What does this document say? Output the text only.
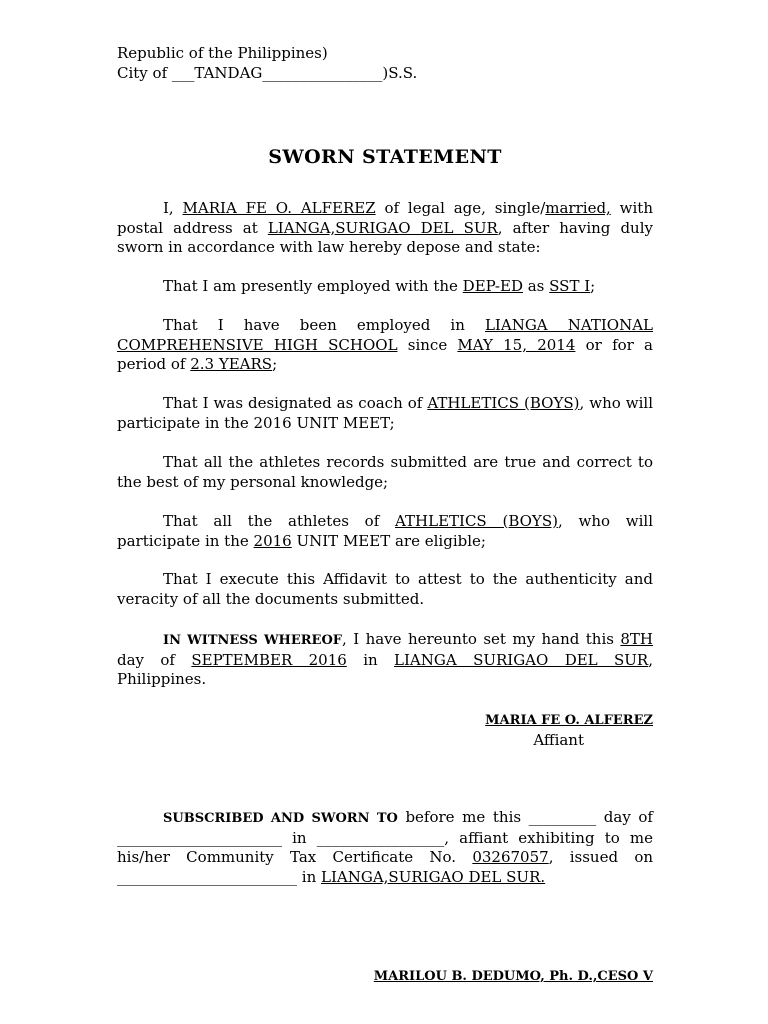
Republic of the Philippines)
City of ___TANDAG________________)S.S.
SWORN STATEMENT

I, MARIA FE O. ALFEREZ of legal age, single/married, with postal address at LIANGA,SURIGAO DEL SUR, after having duly sworn in accordance with law hereby depose and state:

That I am presently employed with the DEP-ED as SST I;

That I have been employed in LIANGA NATIONAL COMPREHENSIVE HIGH SCHOOL since MAY 15, 2014 or for a period of 2.3 YEARS;

That I was designated as coach of ATHLETICS (BOYS), who will participate in the 2016 UNIT MEET;

That all the athletes records submitted are true and correct to the best of my personal knowledge;

That all the athletes of ATHLETICS (BOYS), who will participate in the 2016 UNIT MEET are eligible;

That I execute this Affidavit to attest to the authenticity and veracity of all the documents submitted.

IN WITNESS WHEREOF, I have hereunto set my hand this 8TH day of SEPTEMBER 2016 in LIANGA SURIGAO DEL SUR, Philippines.

MARIA FE O. ALFEREZ
Affiant

SUBSCRIBED AND SWORN TO before me this _________ day of ______________________ in _________________, affiant exhibiting to me his/her Community Tax Certificate No. 03267057, issued on ________________________ in LIANGA,SURIGAO DEL SUR.

MARILOU B. DEDUMO, Ph. D.,CESO V
